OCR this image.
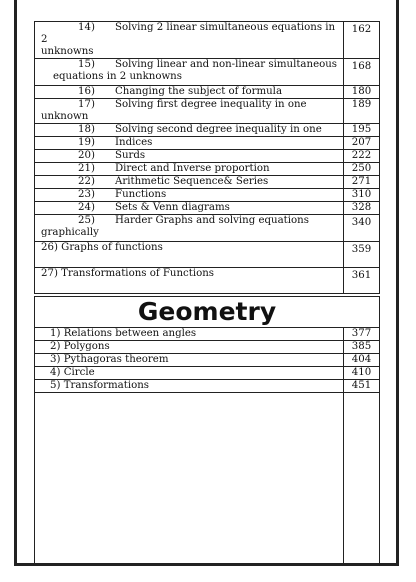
14) Solving 2 linear simultaneous equations in 2
unknowns	162
15) Solving linear and non-linear simultaneous
equations in 2 unknowns	168
16) Changing the subject of formula	180
17) Solving first degree inequality in one unknown	189
18) Solving second degree inequality in one	195
19) Indices	207
20) Surds	222
21) Direct and Inverse proportion	250
22) Arithmetic Sequence& Series	271
23) Functions	310
24) Sets & Venn diagrams	328
25) Harder Graphs and solving equations
graphically	340
26) Graphs of functions	359
27) Transformations of Functions	361
Geometry	
1) Relations between angles	377
2) Polygons	385
3) Pythagoras theorem	404
4) Circle	410
5) Transformations	451
